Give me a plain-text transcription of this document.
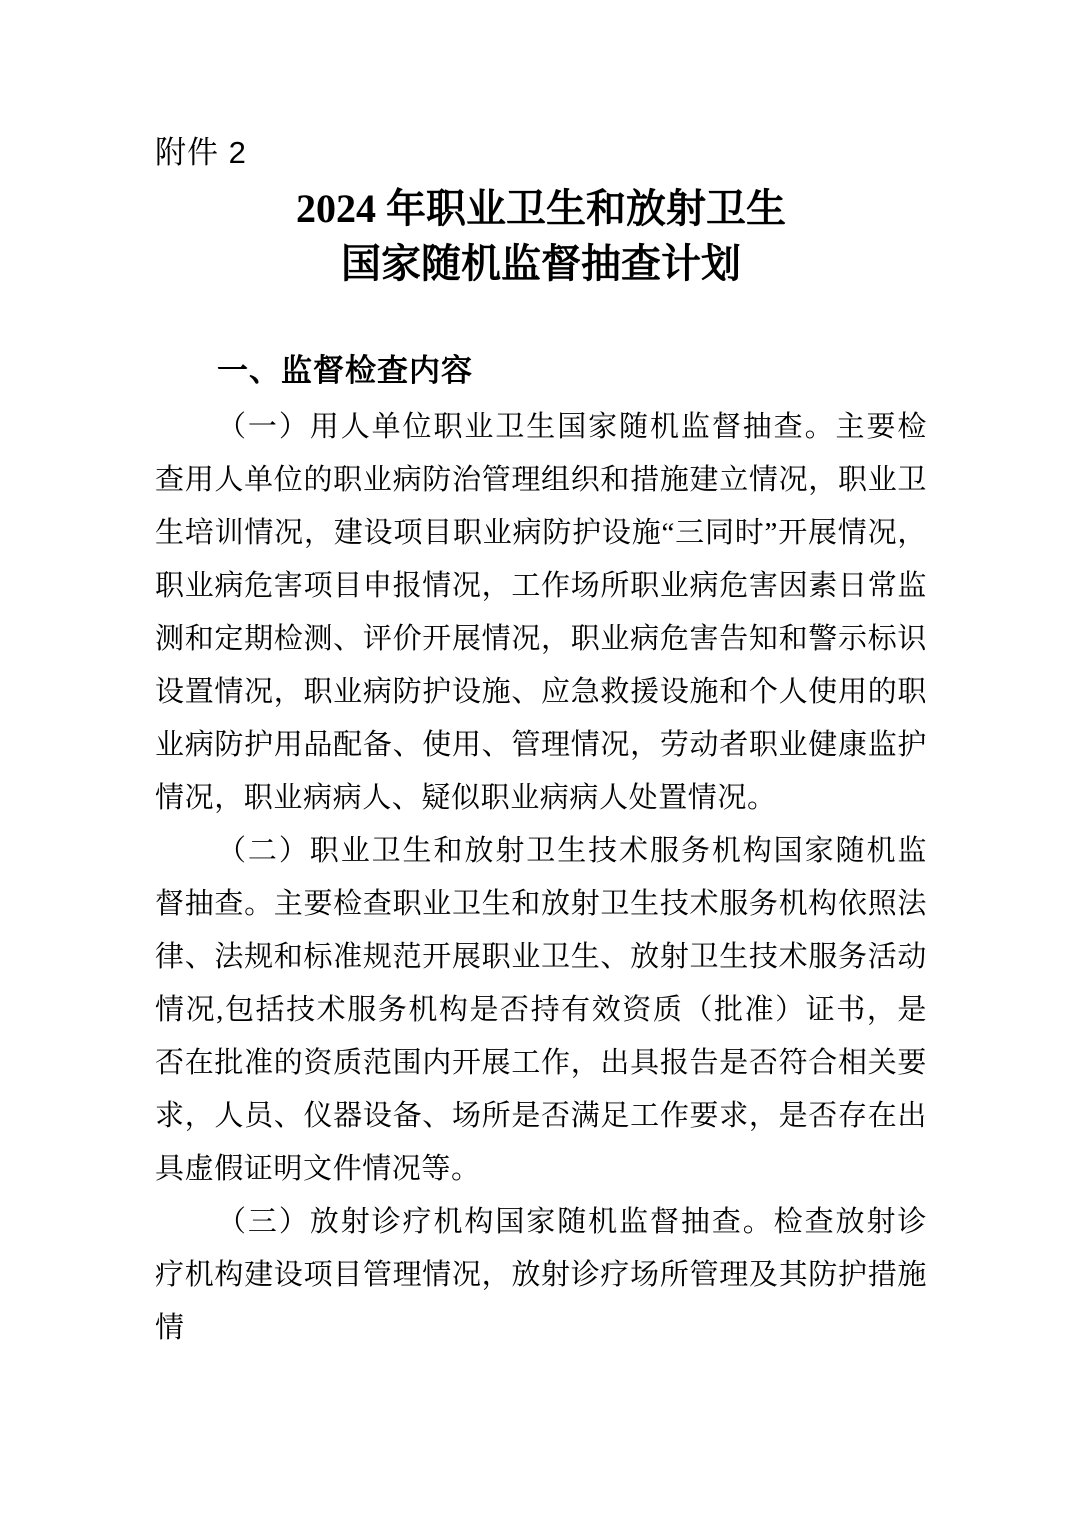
附件 2
2024 年职业卫生和放射卫生
国家随机监督抽查计划
一、监督检查内容

（一）用人单位职业卫生国家随机监督抽查。主要检查用人单位的职业病防治管理组织和措施建立情况，职业卫生培训情况，建设项目职业病防护设施“三同时”开展情况，职业病危害项目申报情况，工作场所职业病危害因素日常监测和定期检测、评价开展情况，职业病危害告知和警示标识设置情况，职业病防护设施、应急救援设施和个人使用的职业病防护用品配备、使用、管理情况，劳动者职业健康监护情况，职业病病人、疑似职业病病人处置情况。

（二）职业卫生和放射卫生技术服务机构国家随机监督抽查。主要检查职业卫生和放射卫生技术服务机构依照法律、法规和标准规范开展职业卫生、放射卫生技术服务活动情况,包括技术服务机构是否持有效资质（批准）证书，是否在批准的资质范围内开展工作，出具报告是否符合相关要求，人员、仪器设备、场所是否满足工作要求，是否存在出具虚假证明文件情况等。

（三）放射诊疗机构国家随机监督抽查。检查放射诊疗机构建设项目管理情况，放射诊疗场所管理及其防护措施情
